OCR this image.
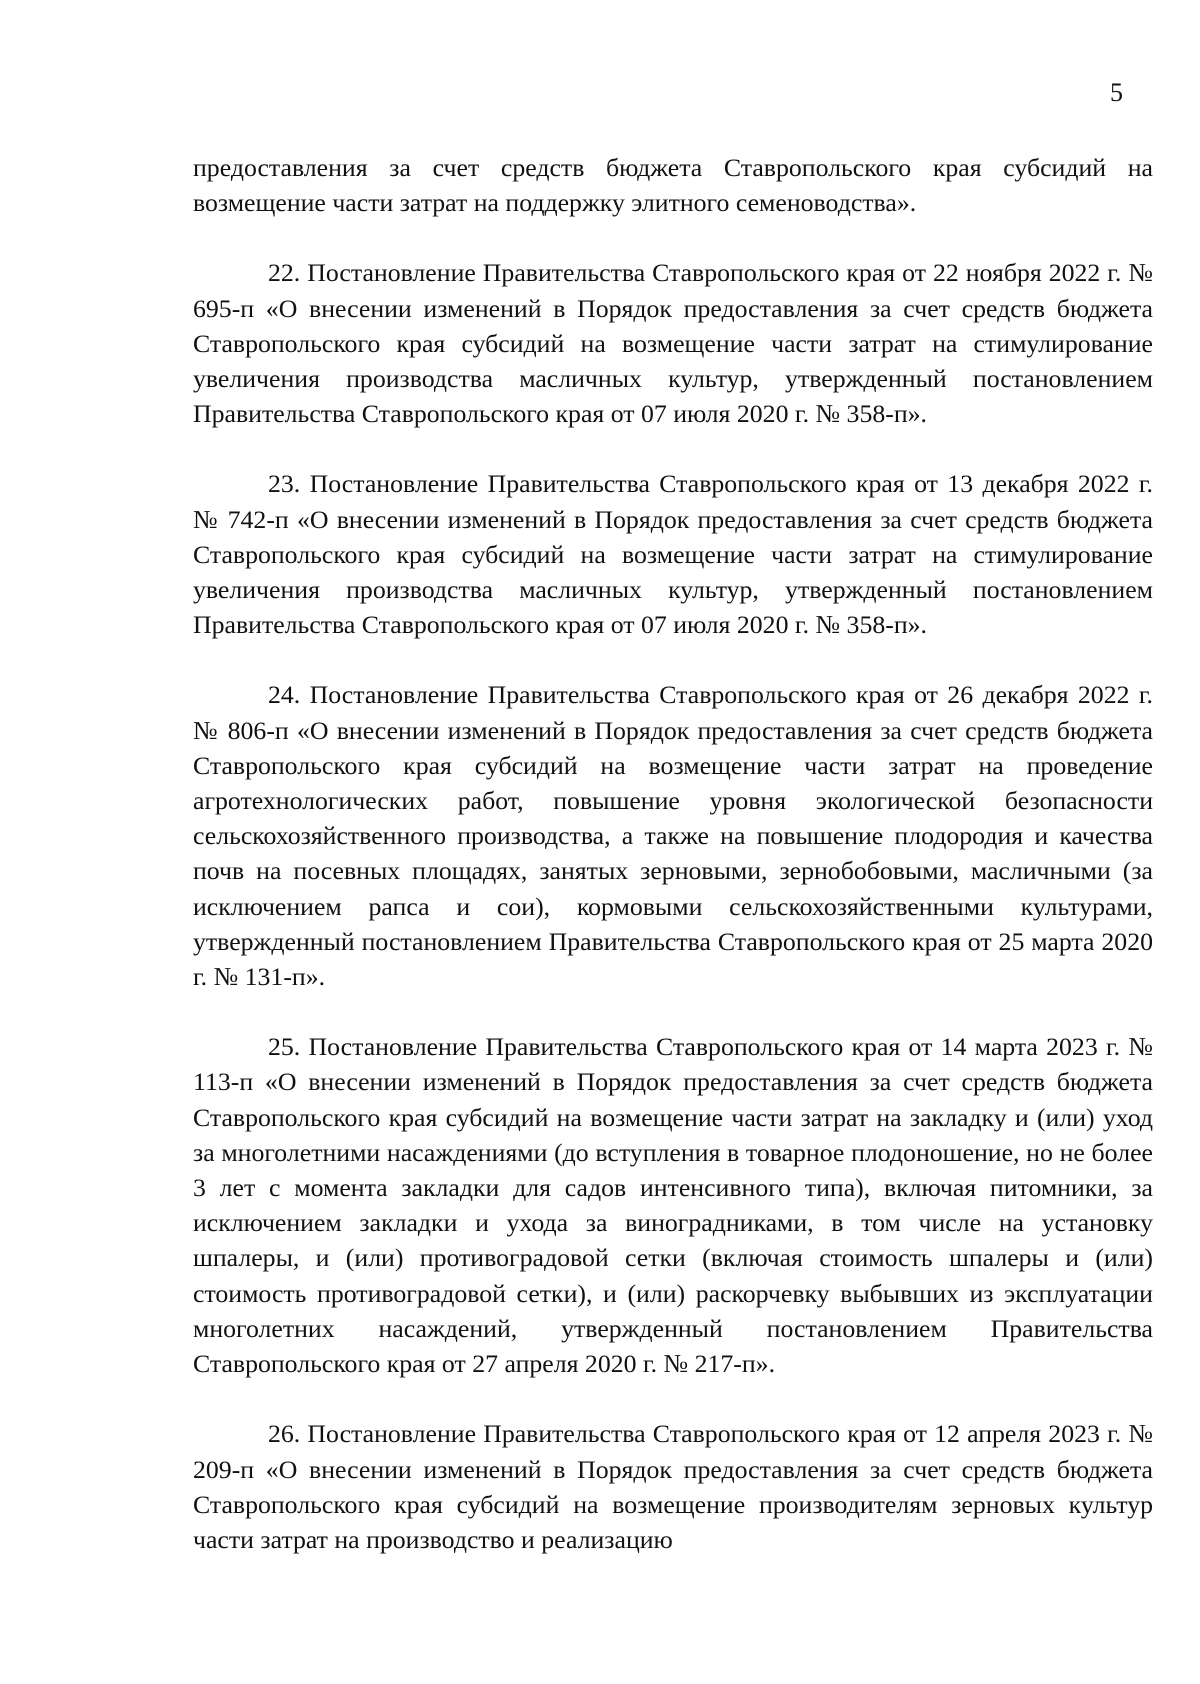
5

предоставления за счет средств бюджета Ставропольского края субсидий на возмещение части затрат на поддержку элитного семеноводства».

22. Постановление Правительства Ставропольского края от 22 ноября 2022 г. № 695-п «О внесении изменений в Порядок предоставления за счет средств бюджета Ставропольского края субсидий на возмещение части затрат на стимулирование увеличения производства масличных культур, утвержденный постановлением Правительства Ставропольского края от 07 июля 2020 г. № 358-п».

23. Постановление Правительства Ставропольского края от 13 декабря 2022 г. № 742-п «О внесении изменений в Порядок предоставления за счет средств бюджета Ставропольского края субсидий на возмещение части затрат на стимулирование увеличения производства масличных культур, утвержденный постановлением Правительства Ставропольского края от 07 июля 2020 г. № 358-п».

24. Постановление Правительства Ставропольского края от 26 декабря 2022 г. № 806-п «О внесении изменений в Порядок предоставления за счет средств бюджета Ставропольского края субсидий на возмещение части затрат на проведение агротехнологических работ, повышение уровня экологической безопасности сельскохозяйственного производства, а также на повышение плодородия и качества почв на посевных площадях, занятых зерновыми, зернобобовыми, масличными (за исключением рапса и сои), кормовыми сельскохозяйственными культурами, утвержденный постановлением Правительства Ставропольского края от 25 марта 2020 г. № 131-п».

25. Постановление Правительства Ставропольского края от 14 марта 2023 г. № 113-п «О внесении изменений в Порядок предоставления за счет средств бюджета Ставропольского края субсидий на возмещение части затрат на закладку и (или) уход за многолетними насаждениями (до вступления в товарное плодоношение, но не более 3 лет с момента закладки для садов интенсивного типа), включая питомники, за исключением закладки и ухода за виноградниками, в том числе на установку шпалеры, и (или) противоградовой сетки (включая стоимость шпалеры и (или) стоимость противоградовой сетки), и (или) раскорчевку выбывших из эксплуатации многолетних насаждений, утвержденный постановлением Правительства Ставропольского края от 27 апреля 2020 г. № 217-п».

26. Постановление Правительства Ставропольского края от 12 апреля 2023 г. № 209-п «О внесении изменений в Порядок предоставления за счет средств бюджета Ставропольского края субсидий на возмещение производителям зерновых культур части затрат на производство и реализацию
